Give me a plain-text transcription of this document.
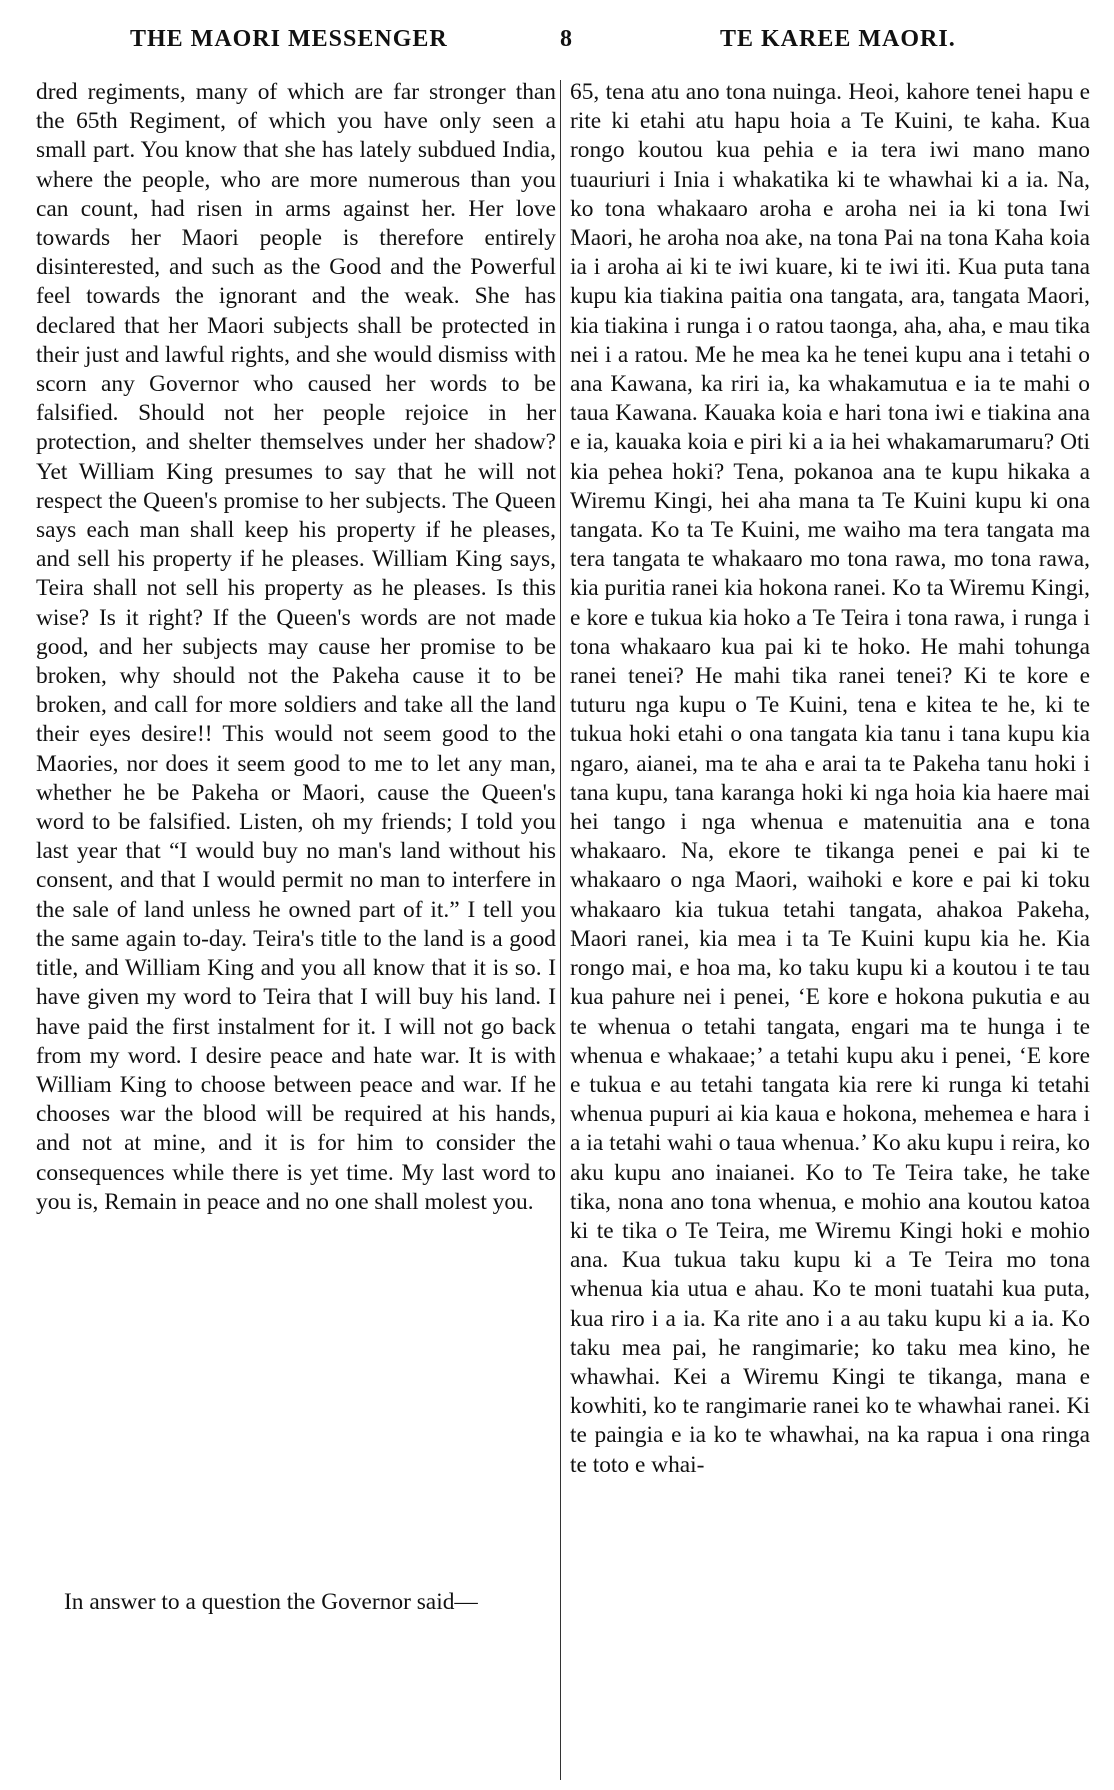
THE MAORI MESSENGER	8	TE KAREE MAORI.

dred regiments, many of which are far stronger than the 65th Regiment, of which you have only seen a small part. You know that she has lately subdued India, where the people, who are more numerous than you can count, had risen in arms against her. Her love towards her Maori people is therefore entirely disinterested, and such as the Good and the Powerful feel towards the ignorant and the weak. She has declared that her Maori subjects shall be protected in their just and lawful rights, and she would dismiss with scorn any Governor who caused her words to be falsified. Should not her people rejoice in her protection, and shelter themselves under her shadow? Yet William King presumes to say that he will not respect the Queen's promise to her subjects. The Queen says each man shall keep his property if he pleases, and sell his property if he pleases. William King says, Teira shall not sell his property as he pleases. Is this wise? Is it right? If the Queen's words are not made good, and her subjects may cause her promise to be broken, why should not the Pakeha cause it to be broken, and call for more soldiers and take all the land their eyes desire!! This would not seem good to the Maories, nor does it seem good to me to let any man, whether he be Pakeha or Maori, cause the Queen's word to be falsified. Listen, oh my friends; I told you last year that “I would buy no man's land without his consent, and that I would permit no man to interfere in the sale of land unless he owned part of it.” I tell you the same again to-day. Teira's title to the land is a good title, and William King and you all know that it is so. I have given my word to Teira that I will buy his land. I have paid the first instalment for it. I will not go back from my word. I desire peace and hate war. It is with William King to choose between peace and war. If he chooses war the blood will be required at his hands, and not at mine, and it is for him to consider the consequences while there is yet time. My last word to you is, Remain in peace and no one shall molest you.

In answer to a question the Governor said—

65, tena atu ano tona nuinga. Heoi, kahore tenei hapu e rite ki etahi atu hapu hoia a Te Kuini, te kaha. Kua rongo koutou kua pehia e ia tera iwi mano mano tuauriuri i Inia i whakatika ki te whawhai ki a ia. Na, ko tona whakaaro aroha e aroha nei ia ki tona Iwi Maori, he aroha noa ake, na tona Pai na tona Kaha koia ia i aroha ai ki te iwi kuare, ki te iwi iti. Kua puta tana kupu kia tiakina paitia ona tangata, ara, tangata Maori, kia tiakina i runga i o ratou taonga, aha, aha, e mau tika nei i a ratou. Me he mea ka he tenei kupu ana i tetahi o ana Kawana, ka riri ia, ka whakamutua e ia te mahi o taua Kawana. Kauaka koia e hari tona iwi e tiakina ana e ia, kauaka koia e piri ki a ia hei whakamarumaru? Oti kia pehea hoki? Tena, pokanoa ana te kupu hikaka a Wiremu Kingi, hei aha mana ta Te Kuini kupu ki ona tangata. Ko ta Te Kuini, me waiho ma tera tangata ma tera tangata te whakaaro mo tona rawa, mo tona rawa, kia puritia ranei kia hokona ranei. Ko ta Wiremu Kingi, e kore e tukua kia hoko a Te Teira i tona rawa, i runga i tona whakaaro kua pai ki te hoko. He mahi tohunga ranei tenei? He mahi tika ranei tenei? Ki te kore e tuturu nga kupu o Te Kuini, tena e kitea te he, ki te tukua hoki etahi o ona tangata kia tanu i tana kupu kia ngaro, aianei, ma te aha e arai ta te Pakeha tanu hoki i tana kupu, tana karanga hoki ki nga hoia kia haere mai hei tango i nga whenua e matenuitia ana e tona whakaaro. Na, ekore te tikanga penei e pai ki te whakaaro o nga Maori, waihoki e kore e pai ki toku whakaaro kia tukua tetahi tangata, ahakoa Pakeha, Maori ranei, kia mea i ta Te Kuini kupu kia he. Kia rongo mai, e hoa ma, ko taku kupu ki a koutou i te tau kua pahure nei i penei, ‘E kore e hokona pukutia e au te whenua o tetahi tangata, engari ma te hunga i te whenua e whakaae;’ a tetahi kupu aku i penei, ‘E kore e tukua e au tetahi tangata kia rere ki runga ki tetahi whenua pupuri ai kia kaua e hokona, mehemea e hara i a ia tetahi wahi o taua whenua.’ Ko aku kupu i reira, ko aku kupu ano inaianei. Ko to Te Teira take, he take tika, nona ano tona whenua, e mohio ana koutou katoa ki te tika o Te Teira, me Wiremu Kingi hoki e mohio ana. Kua tukua taku kupu ki a Te Teira mo tona whenua kia utua e ahau. Ko te moni tuatahi kua puta, kua riro i a ia. Ka rite ano i a au taku kupu ki a ia. Ko taku mea pai, he rangimarie; ko taku mea kino, he whawhai. Kei a Wiremu Kingi te tikanga, mana e kowhiti, ko te rangimarie ranei ko te whawhai ranei. Ki te paingia e ia ko te whawhai, na ka rapua i ona ringa te toto e whai-
